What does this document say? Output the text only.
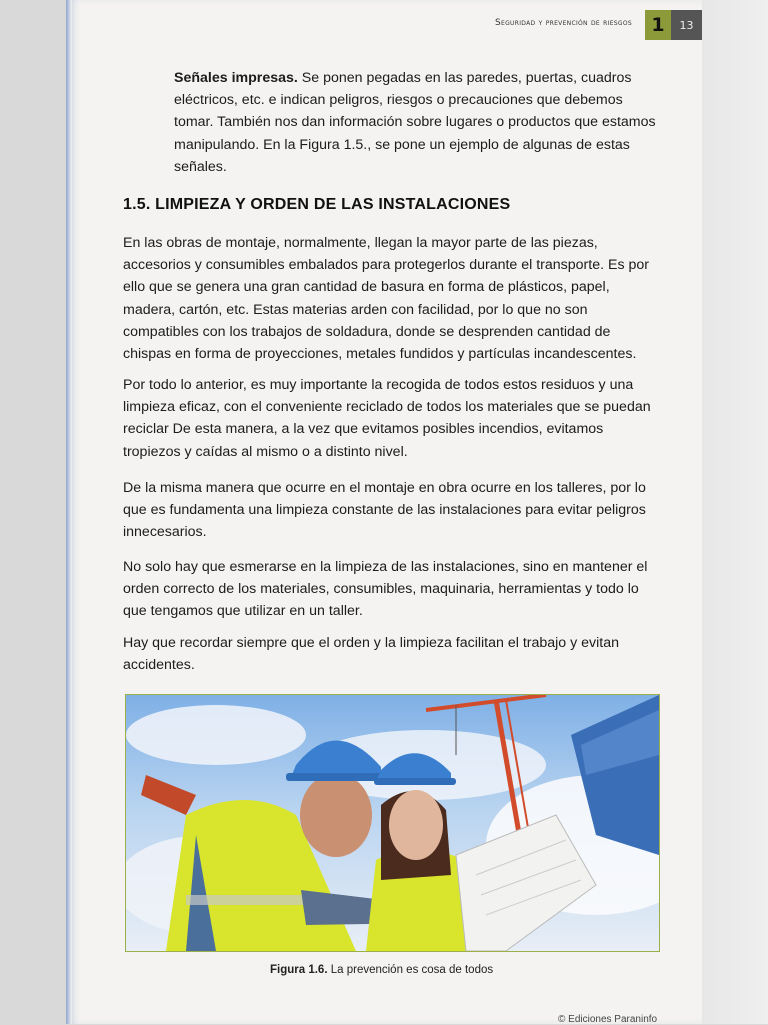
Seguridad y prevención de riesgos	1	13
Señales impresas. Se ponen pegadas en las paredes, puertas, cuadros eléctricos, etc. e indican peligros, riesgos o precauciones que debemos tomar. También nos dan información sobre lugares o productos que estamos manipulando. En la Figura 1.5., se pone un ejemplo de algunas de estas señales.
1.5. LIMPIEZA Y ORDEN DE LAS INSTALACIONES
En las obras de montaje, normalmente, llegan la mayor parte de las piezas, accesorios y consumibles embalados para protegerlos durante el transporte. Es por ello que se genera una gran cantidad de basura en forma de plásticos, papel, madera, cartón, etc. Estas materias arden con facilidad, por lo que no son compatibles con los trabajos de soldadura, donde se desprenden cantidad de chispas en forma de proyecciones, metales fundidos y partículas incandescentes.
Por todo lo anterior, es muy importante la recogida de todos estos residuos y una limpieza eficaz, con el conveniente reciclado de todos los materiales que se puedan reciclar De esta manera, a la vez que evitamos posibles incendios, evitamos tropiezos y caídas al mismo o a distinto nivel.
De la misma manera que ocurre en el montaje en obra ocurre en los talleres, por lo que es fundamenta una limpieza constante de las instalaciones para evitar peligros innecesarios.
No solo hay que esmerarse en la limpieza de las instalaciones, sino en mantener el orden correcto de los materiales, consumibles, maquinaria, herramientas y todo lo que tengamos que utilizar en un taller.
Hay que recordar siempre que el orden y la limpieza facilitan el trabajo y evitan accidentes.
Figura 1.6. La prevención es cosa de todos
© Ediciones Paraninfo
